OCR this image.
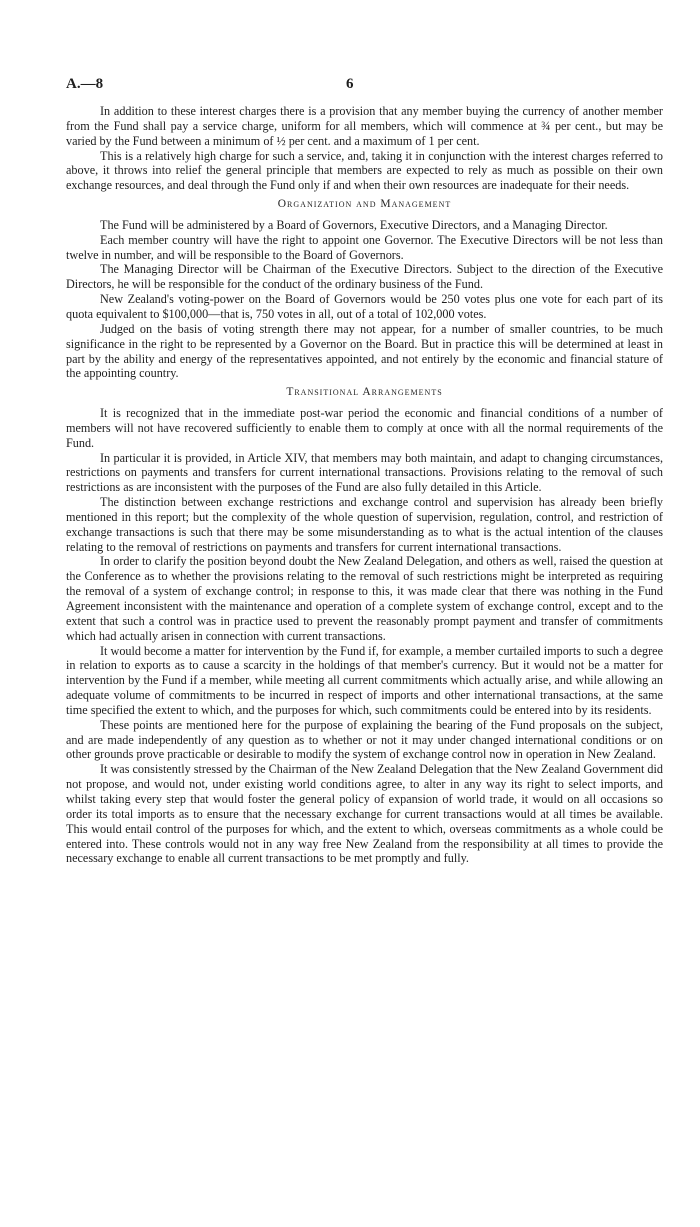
A.—8	6

In addition to these interest charges there is a provision that any member buying the currency of another member from the Fund shall pay a service charge, uniform for all members, which will commence at ¾ per cent., but may be varied by the Fund between a minimum of ½ per cent. and a maximum of 1 per cent.

This is a relatively high charge for such a service, and, taking it in conjunction with the interest charges referred to above, it throws into relief the general principle that members are expected to rely as much as possible on their own exchange resources, and deal through the Fund only if and when their own resources are inadequate for their needs.

Organization and Management

The Fund will be administered by a Board of Governors, Executive Directors, and a Managing Director.

Each member country will have the right to appoint one Governor. The Executive Directors will be not less than twelve in number, and will be responsible to the Board of Governors.

The Managing Director will be Chairman of the Executive Directors. Subject to the direction of the Executive Directors, he will be responsible for the conduct of the ordinary business of the Fund.

New Zealand's voting-power on the Board of Governors would be 250 votes plus one vote for each part of its quota equivalent to $100,000—that is, 750 votes in all, out of a total of 102,000 votes.

Judged on the basis of voting strength there may not appear, for a number of smaller countries, to be much significance in the right to be represented by a Governor on the Board. But in practice this will be determined at least in part by the ability and energy of the representatives appointed, and not entirely by the economic and financial stature of the appointing country.

Transitional Arrangements

It is recognized that in the immediate post-war period the economic and financial conditions of a number of members will not have recovered sufficiently to enable them to comply at once with all the normal requirements of the Fund.

In particular it is provided, in Article XIV, that members may both maintain, and adapt to changing circumstances, restrictions on payments and transfers for current international transactions. Provisions relating to the removal of such restrictions as are inconsistent with the purposes of the Fund are also fully detailed in this Article.

The distinction between exchange restrictions and exchange control and supervision has already been briefly mentioned in this report; but the complexity of the whole question of supervision, regulation, control, and restriction of exchange transactions is such that there may be some misunderstanding as to what is the actual intention of the clauses relating to the removal of restrictions on payments and transfers for current international transactions.

In order to clarify the position beyond doubt the New Zealand Delegation, and others as well, raised the question at the Conference as to whether the provisions relating to the removal of such restrictions might be interpreted as requiring the removal of a system of exchange control; in response to this, it was made clear that there was nothing in the Fund Agreement inconsistent with the maintenance and operation of a complete system of exchange control, except and to the extent that such a control was in practice used to prevent the reasonably prompt payment and transfer of commitments which had actually arisen in connection with current transactions.

It would become a matter for intervention by the Fund if, for example, a member curtailed imports to such a degree in relation to exports as to cause a scarcity in the holdings of that member's currency. But it would not be a matter for intervention by the Fund if a member, while meeting all current commitments which actually arise, and while allowing an adequate volume of commitments to be incurred in respect of imports and other international transactions, at the same time specified the extent to which, and the purposes for which, such commitments could be entered into by its residents.

These points are mentioned here for the purpose of explaining the bearing of the Fund proposals on the subject, and are made independently of any question as to whether or not it may under changed international conditions or on other grounds prove practicable or desirable to modify the system of exchange control now in operation in New Zealand.

It was consistently stressed by the Chairman of the New Zealand Delegation that the New Zealand Government did not propose, and would not, under existing world conditions agree, to alter in any way its right to select imports, and whilst taking every step that would foster the general policy of expansion of world trade, it would on all occasions so order its total imports as to ensure that the necessary exchange for current transactions would at all times be available. This would entail control of the purposes for which, and the extent to which, overseas commitments as a whole could be entered into. These controls would not in any way free New Zealand from the responsibility at all times to provide the necessary exchange to enable all current transactions to be met promptly and fully.
